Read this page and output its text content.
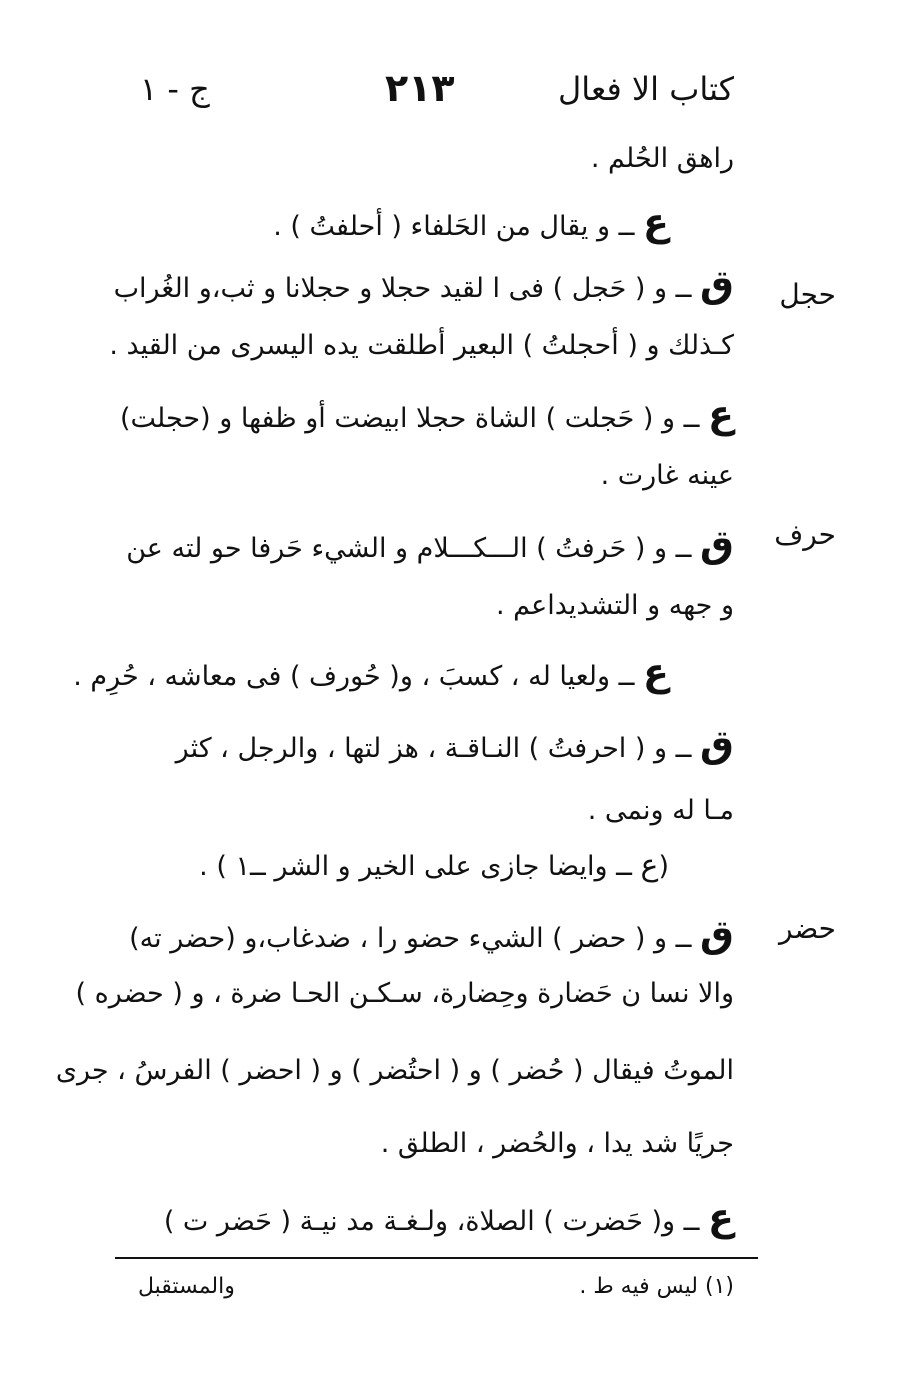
كتاب الا فعال
٢١٣
ج - ١
راهق الحُلم .
ع ــ و يقال من الحَلفاء ( أحلفتُ ) .
ق ــ و ( حَجل ) فى ا لقيد حجلا و حجلانا و ثب،و الغُراب
كـذلك و ( أحجلتُ ) البعير أطلقت يده اليسرى من القيد .
ع ــ و ( حَجلت ) الشاة حجلا ابيضت أو ظفها و (حجلت)
عينه غارت .
ق ــ و ( حَرفتُ ) الـــكـــلام و الشيء حَرفا حو لته عن
و جهه و التشديداعم .
ع ــ ولعيا له ، كسبَ ، و( حُورف ) فى معاشه ، حُرِم .
ق ــ و ( احرفتُ ) النـاقـة ، هز لتها ، والرجل ، كثر
مـا له ونمى .
(ع ــ وايضا جازى على الخير و الشر ــ١ ) .
ق ــ و ( حضر ) الشيء حضو را ، ضدغاب،و (حضر ته)
والا نسا ن حَضارة وحِضارة، سـكـن الحـا ضرة ، و ( حضره )
الموتُ فيقال ( حُضر ) و ( احتُضر ) و ( احضر ) الفرسُ ، جرى
جريًا شد يدا ، والحُضر ، الطلق .
ع ــ و( حَضرت ) الصلاة، ولـغـة مد نيـة ( حَضر ت )
حجل
حرف
حضر
(١) ليس فيه ط .
والمستقبل
